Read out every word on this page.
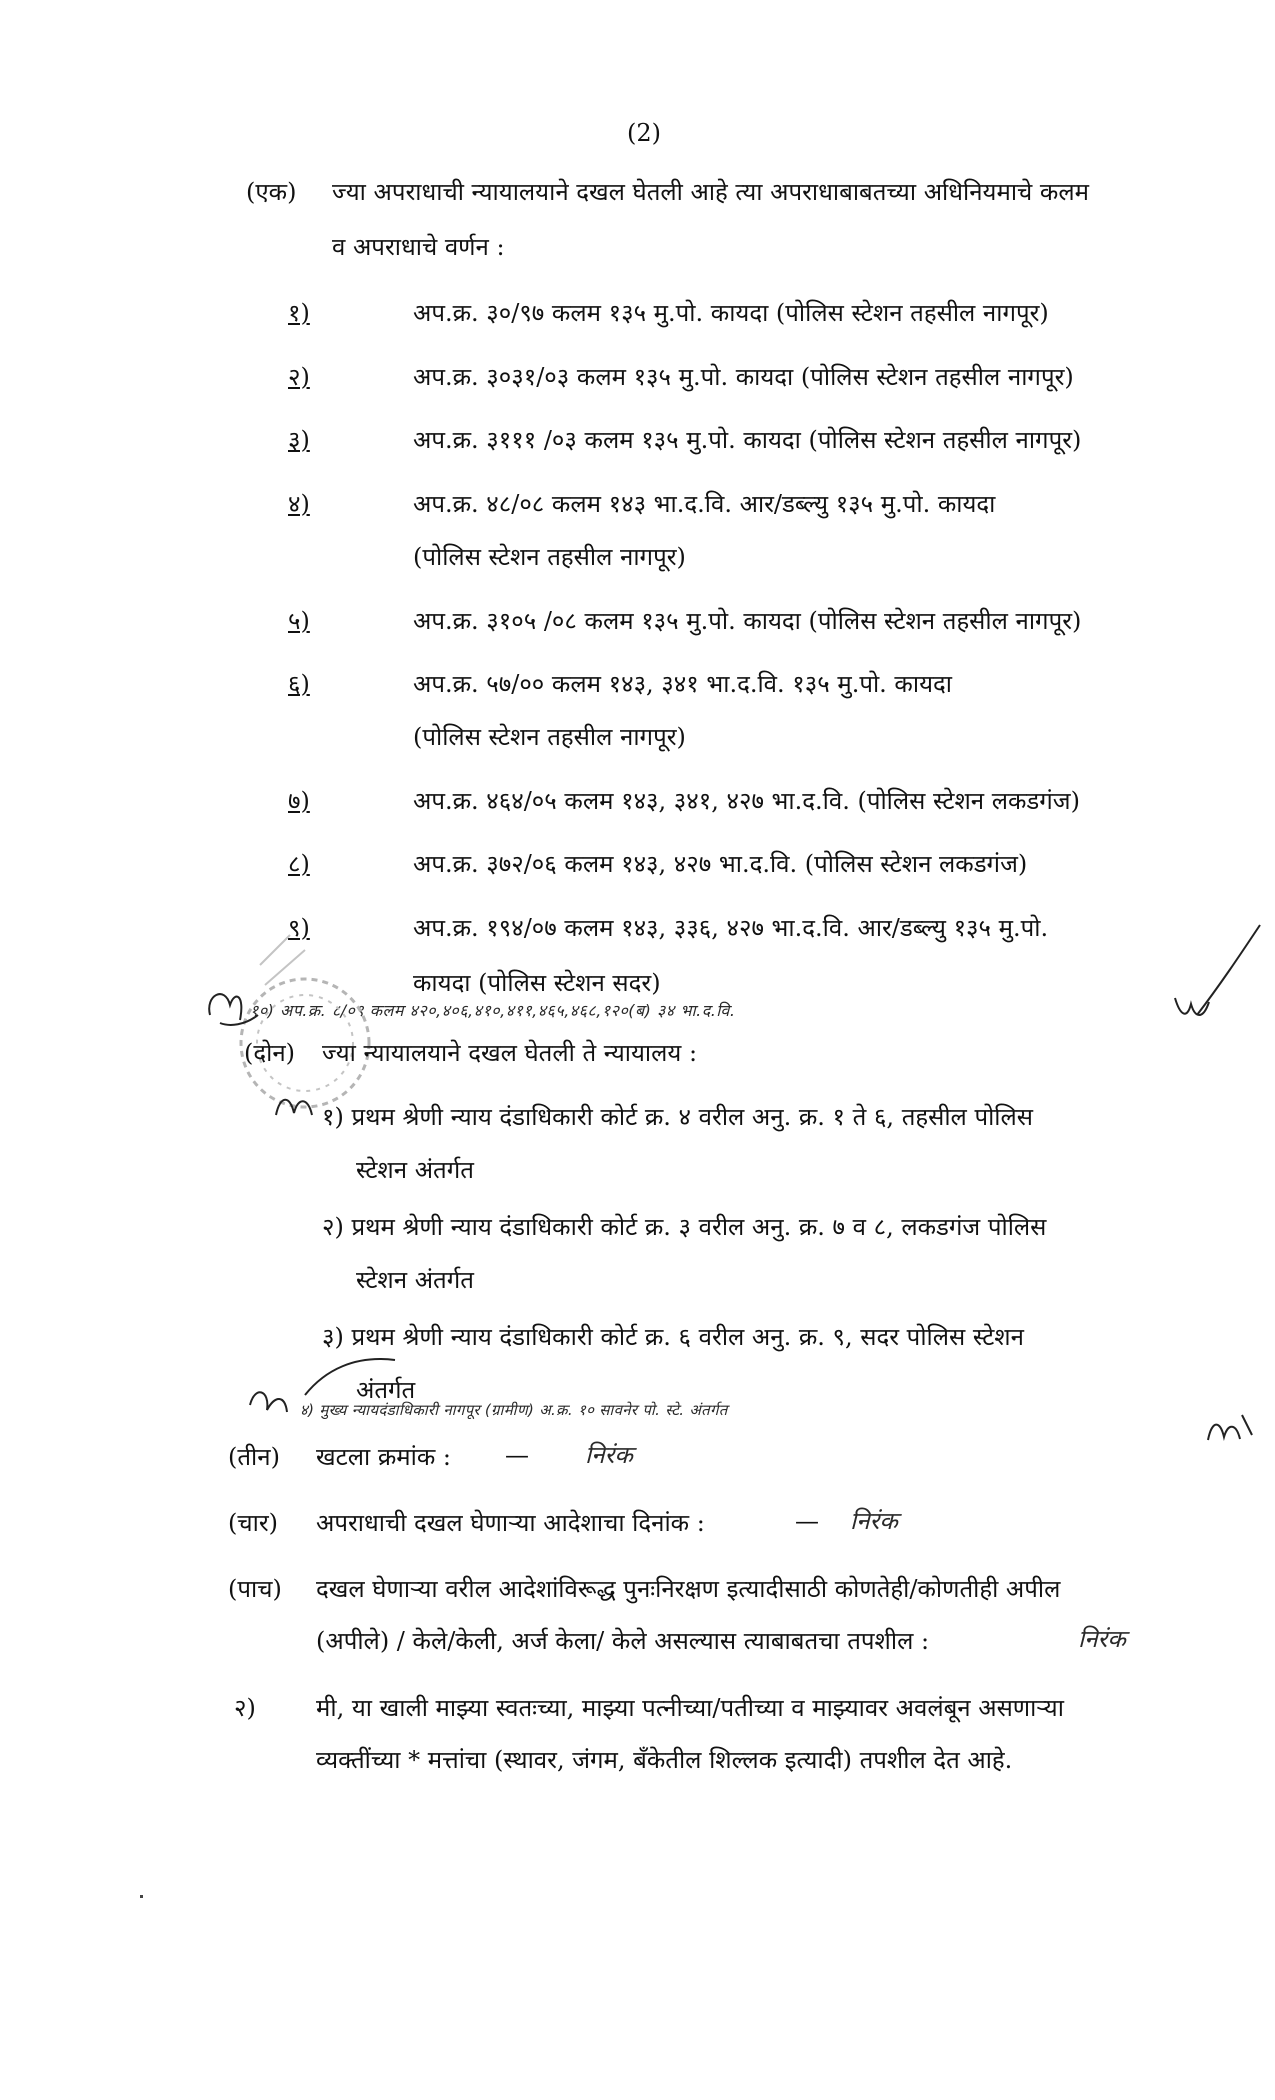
(2)
(एक) ज्या अपराधाची न्यायालयाने दखल घेतली आहे त्या अपराधाबाबतच्या अधिनियमाचे कलम
व अपराधाचे वर्णन :
१)	अप.क्र. ३०/९७ कलम १३५ मु.पो. कायदा (पोलिस स्टेशन तहसील नागपूर)
२)	अप.क्र. ३०३१/०३ कलम १३५ मु.पो. कायदा (पोलिस स्टेशन तहसील नागपूर)
३)	अप.क्र. ३१११ /०३ कलम १३५ मु.पो. कायदा (पोलिस स्टेशन तहसील नागपूर)
४)	अप.क्र. ४८/०८ कलम १४३ भा.द.वि. आर/डब्ल्यु १३५ मु.पो. कायदा
(पोलिस स्टेशन तहसील नागपूर)
५)	अप.क्र. ३१०५ /०८ कलम १३५ मु.पो. कायदा (पोलिस स्टेशन तहसील नागपूर)
६)	अप.क्र. ५७/०० कलम १४३, ३४१ भा.द.वि. १३५ मु.पो. कायदा
(पोलिस स्टेशन तहसील नागपूर)
७)	अप.क्र. ४६४/०५ कलम १४३, ३४१, ४२७ भा.द.वि. (पोलिस स्टेशन लकडगंज)
८)	अप.क्र. ३७२/०६ कलम १४३, ४२७ भा.द.वि. (पोलिस स्टेशन लकडगंज)
९)	अप.क्र. १९४/०७ कलम १४३, ३३६, ४२७ भा.द.वि. आर/डब्ल्यु १३५ मु.पो.
कायदा (पोलिस स्टेशन सदर)
१०) अप.क्र. ८/०९ कलम ४२०,४०६,४१०,४११,४६५,४६८,१२०(ब) ३४ भा.द.वि.
(दोन) ज्या न्यायालयाने दखल घेतली ते न्यायालय :
१) प्रथम श्रेणी न्याय दंडाधिकारी कोर्ट क्र. ४ वरील अनु. क्र. १ ते ६, तहसील पोलिस
स्टेशन अंतर्गत
२) प्रथम श्रेणी न्याय दंडाधिकारी कोर्ट क्र. ३ वरील अनु. क्र. ७ व ८, लकडगंज पोलिस
स्टेशन अंतर्गत
३) प्रथम श्रेणी न्याय दंडाधिकारी कोर्ट क्र. ६ वरील अनु. क्र. ९, सदर पोलिस स्टेशन
अंतर्गत
४) मुख्य न्यायदंडाधिकारी नागपूर (ग्रामीण) अ.क्र. १० सावनेर पो. स्टे. अंतर्गत
(तीन) खटला क्रमांक : — निरंक
(चार) अपराधाची दखल घेणाऱ्या आदेशाचा दिनांक :	— निरंक
(पाच) दखल घेणाऱ्या वरील आदेशांविरूद्ध पुनःनिरक्षण इत्यादीसाठी कोणतेही/कोणतीही अपील
(अपीले) / केले/केली, अर्ज केला/ केले असल्यास त्याबाबतचा तपशील :	निरंक
२)	मी, या खाली माझ्या स्वतःच्या, माझ्या पत्नीच्या/पतीच्या व माझ्यावर अवलंबून असणाऱ्या
व्यक्तींच्या * मत्तांचा (स्थावर, जंगम, बँकेतील शिल्लक इत्यादी) तपशील देत आहे.
